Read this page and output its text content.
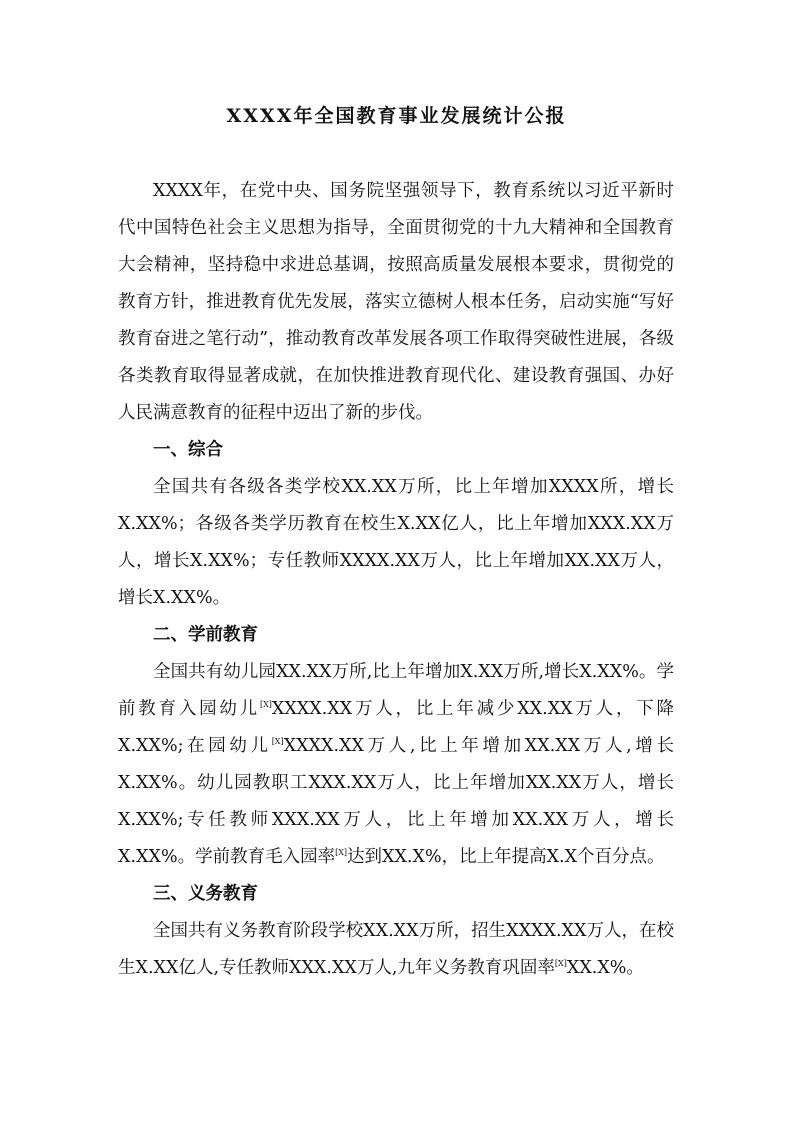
XXXX年全国教育事业发展统计公报

XXXX年，在党中央、国务院坚强领导下，教育系统以习近平新时代中国特色社会主义思想为指导，全面贯彻党的十九大精神和全国教育大会精神，坚持稳中求进总基调，按照高质量发展根本要求，贯彻党的教育方针，推进教育优先发展，落实立德树人根本任务，启动实施“写好教育奋进之笔行动”，推动教育改革发展各项工作取得突破性进展，各级各类教育取得显著成就，在加快推进教育现代化、建设教育强国、办好人民满意教育的征程中迈出了新的步伐。

一、综合

全国共有各级各类学校XX.XX万所，比上年增加XXXX所，增长X.XX%；各级各类学历教育在校生X.XX亿人，比上年增加XXX.XX万人，增长X.XX%；专任教师XXXX.XX万人，比上年增加XX.XX万人，增长X.XX%。

二、学前教育

全国共有幼儿园XX.XX万所,比上年增加X.XX万所,增长X.XX%。学前教育入园幼儿[X]XXXX.XX万人，比上年减少XX.XX万人，下降X.XX%;在园幼儿[X]XXXX.XX万人,比上年增加XX.XX万人,增长X.XX%。幼儿园教职工XXX.XX万人，比上年增加XX.XX万人，增长X.XX%;专任教师XXX.XX万人，比上年增加XX.XX万人，增长X.XX%。学前教育毛入园率[X]达到XX.X%，比上年提高X.X个百分点。

三、义务教育

全国共有义务教育阶段学校XX.XX万所，招生XXXX.XX万人，在校生X.XX亿人,专任教师XXX.XX万人,九年义务教育巩固率[X]XX.X%。
